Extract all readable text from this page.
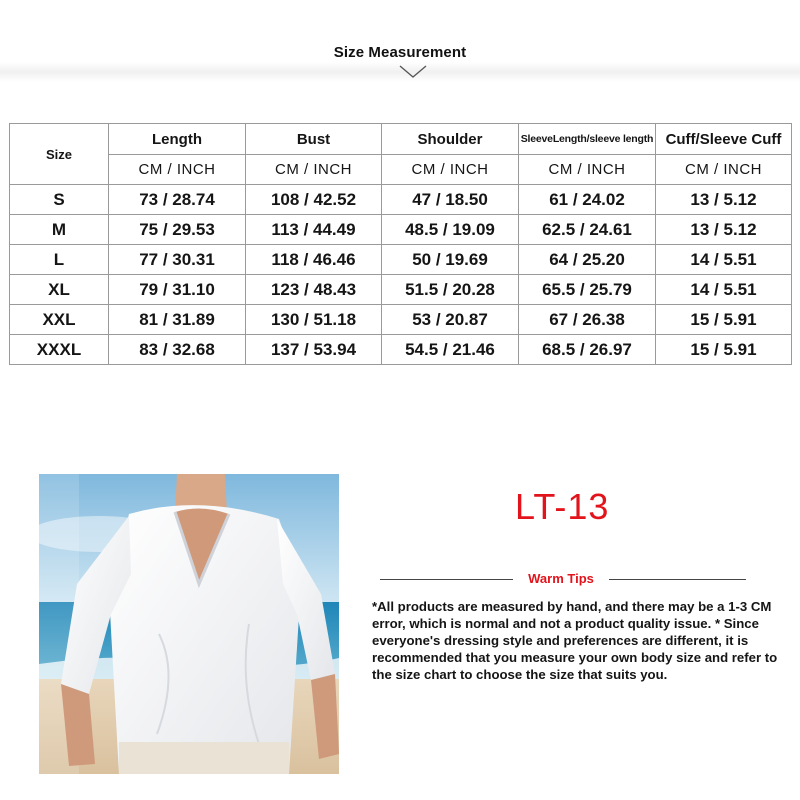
Size Measurement
Size	Length	Bust	Shoulder	SleeveLength/sleeve length	Cuff/Sleeve Cuff
	CM / INCH	CM / INCH	CM / INCH	CM / INCH	CM / INCH
S	73 / 28.74	108 / 42.52	47 / 18.50	61 / 24.02	13 / 5.12
M	75 / 29.53	113 / 44.49	48.5 / 19.09	62.5 / 24.61	13 / 5.12
L	77 / 30.31	118 / 46.46	50 / 19.69	64 / 25.20	14 / 5.51
XL	79 / 31.10	123 / 48.43	51.5 / 20.28	65.5 / 25.79	14 / 5.51
XXL	81 / 31.89	130 / 51.18	53 / 20.87	67 / 26.38	15 / 5.91
XXXL	83 / 32.68	137 / 53.94	54.5 / 21.46	68.5 / 26.97	15 / 5.91
LT-13
Warm Tips
*All products are measured by hand, and there may be a 1-3 CM error, which is normal and not a product quality issue. * Since everyone's dressing style and preferences are different, it is recommended that you measure your own body size and refer to the size chart to choose the size that suits you.
